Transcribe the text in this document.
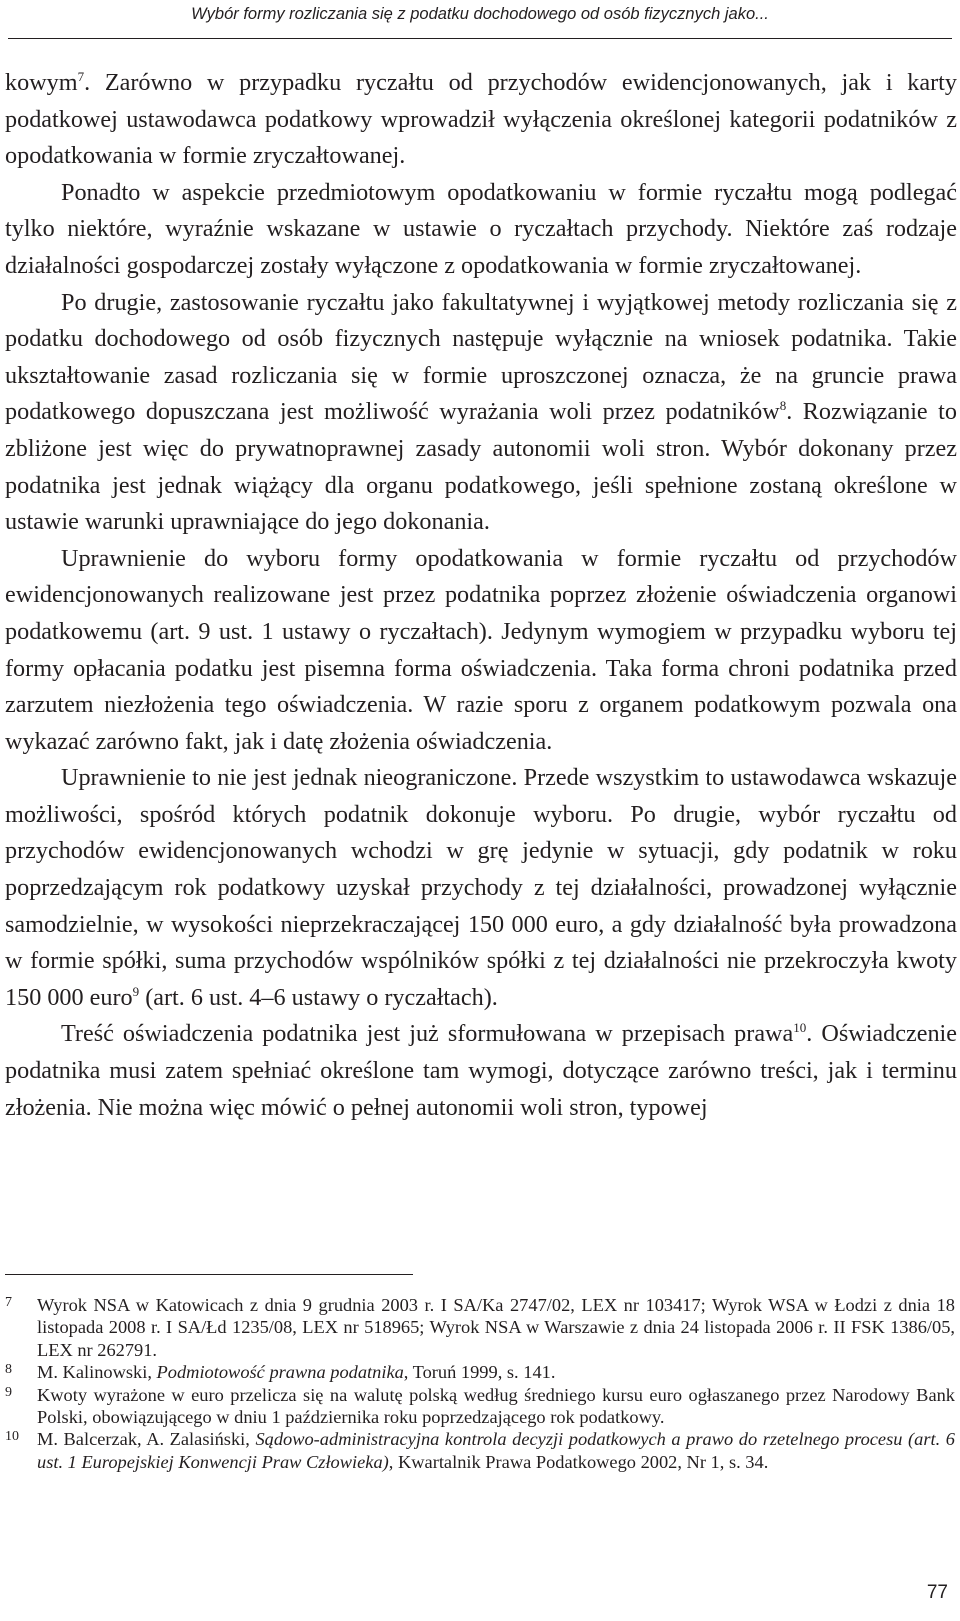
Wybór formy rozliczania się z podatku dochodowego od osób fizycznych jako...

kowym$^7$. Zarówno w przypadku ryczałtu od przychodów ewidencjonowanych, jak i karty podatkowej ustawodawca podatkowy wprowadził wyłączenia określonej kategorii podatników z opodatkowania w formie zryczałtowanej.

Ponadto w aspekcie przedmiotowym opodatkowaniu w formie ryczałtu mogą podlegać tylko niektóre, wyraźnie wskazane w ustawie o ryczałtach przychody. Niektóre zaś rodzaje działalności gospodarczej zostały wyłączone z opodatkowania w formie zryczałtowanej.

Po drugie, zastosowanie ryczałtu jako fakultatywnej i wyjątkowej metody rozliczania się z podatku dochodowego od osób fizycznych następuje wyłącznie na wniosek podatnika. Takie ukształtowanie zasad rozliczania się w formie uproszczonej oznacza, że na gruncie prawa podatkowego dopuszczana jest możliwość wyrażania woli przez podatników$^8$. Rozwiązanie to zbliżone jest więc do prywatnoprawnej zasady autonomii woli stron. Wybór dokonany przez podatnika jest jednak wiążący dla organu podatkowego, jeśli spełnione zostaną określone w ustawie warunki uprawniające do jego dokonania.

Uprawnienie do wyboru formy opodatkowania w formie ryczałtu od przychodów ewidencjonowanych realizowane jest przez podatnika poprzez złożenie oświadczenia organowi podatkowemu (art. 9 ust. 1 ustawy o ryczałtach). Jedynym wymogiem w przypadku wyboru tej formy opłacania podatku jest pisemna forma oświadczenia. Taka forma chroni podatnika przed zarzutem niezłożenia tego oświadczenia. W razie sporu z organem podatkowym pozwala ona wykazać zarówno fakt, jak i datę złożenia oświadczenia.

Uprawnienie to nie jest jednak nieograniczone. Przede wszystkim to ustawodawca wskazuje możliwości, spośród których podatnik dokonuje wyboru. Po drugie, wybór ryczałtu od przychodów ewidencjonowanych wchodzi w grę jedynie w sytuacji, gdy podatnik w roku poprzedzającym rok podatkowy uzyskał przychody z tej działalności, prowadzonej wyłącznie samodzielnie, w wysokości nieprzekraczającej 150 000 euro, a gdy działalność była prowadzona w formie spółki, suma przychodów wspólników spółki z tej działalności nie przekroczyła kwoty 150 000 euro$^9$ (art. 6 ust. 4–6 ustawy o ryczałtach).

Treść oświadczenia podatnika jest już sformułowana w przepisach prawa$^{10}$. Oświadczenie podatnika musi zatem spełniać określone tam wymogi, dotyczące zarówno treści, jak i terminu złożenia. Nie można więc mówić o pełnej autonomii woli stron, typowej

7	Wyrok NSA w Katowicach z dnia 9 grudnia 2003 r. I SA/Ka 2747/02, LEX nr 103417; Wyrok WSA w Łodzi z dnia 18 listopada 2008 r. I SA/Łd 1235/08, LEX nr 518965; Wyrok NSA w Warszawie z dnia 24 listopada 2006 r. II FSK 1386/05, LEX nr 262791.
8	M. Kalinowski, Podmiotowość prawna podatnika, Toruń 1999, s. 141.
9	Kwoty wyrażone w euro przelicza się na walutę polską według średniego kursu euro ogłaszanego przez Narodowy Bank Polski, obowiązującego w dniu 1 października roku poprzedzającego rok podatkowy.
10 M. Balcerzak, A. Zalasiński, Sądowo-administracyjna kontrola decyzji podatkowych a prawo do rzetelnego procesu (art. 6 ust. 1 Europejskiej Konwencji Praw Człowieka), Kwartalnik Prawa Podatkowego 2002, Nr 1, s. 34.
77
